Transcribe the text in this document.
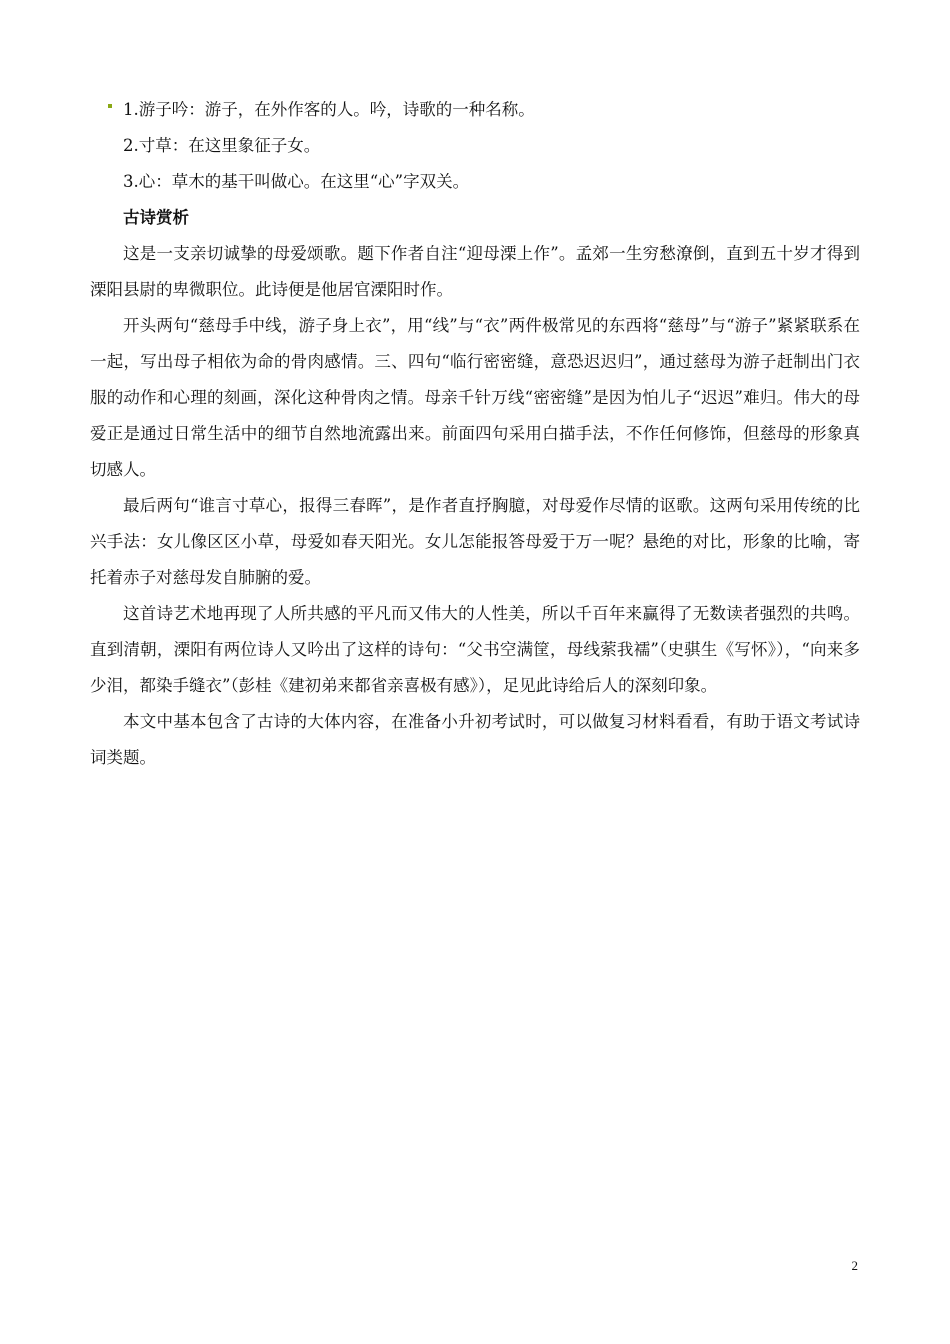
1.游子吟：游子，在外作客的人。吟，诗歌的一种名称。

2.寸草：在这里象征子女。

3.心：草木的基干叫做心。在这里“心”字双关。

古诗赏析

这是一支亲切诚挚的母爱颂歌。题下作者自注“迎母溧上作”。孟郊一生穷愁潦倒，直到五十岁才得到溧阳县尉的卑微职位。此诗便是他居官溧阳时作。

开头两句“慈母手中线，游子身上衣”，用“线”与“衣”两件极常见的东西将“慈母”与“游子”紧紧联系在一起，写出母子相依为命的骨肉感情。三、四句“临行密密缝，意恐迟迟归”，通过慈母为游子赶制出门衣服的动作和心理的刻画，深化这种骨肉之情。母亲千针万线“密密缝”是因为怕儿子“迟迟”难归。伟大的母爱正是通过日常生活中的细节自然地流露出来。前面四句采用白描手法，不作任何修饰，但慈母的形象真切感人。

最后两句“谁言寸草心，报得三春晖”，是作者直抒胸臆，对母爱作尽情的讴歌。这两句采用传统的比兴手法：女儿像区区小草，母爱如春天阳光。女儿怎能报答母爱于万一呢？悬绝的对比，形象的比喻，寄托着赤子对慈母发自肺腑的爱。

这首诗艺术地再现了人所共感的平凡而又伟大的人性美，所以千百年来赢得了无数读者强烈的共鸣。直到清朝，溧阳有两位诗人又吟出了这样的诗句：“父书空满筐，母线萦我襦”（史骐生《写怀》），“向来多少泪，都染手缝衣”（彭桂《建初弟来都省亲喜极有感》），足见此诗给后人的深刻印象。

本文中基本包含了古诗的大体内容，在准备小升初考试时，可以做复习材料看看，有助于语文考试诗词类题。

2
